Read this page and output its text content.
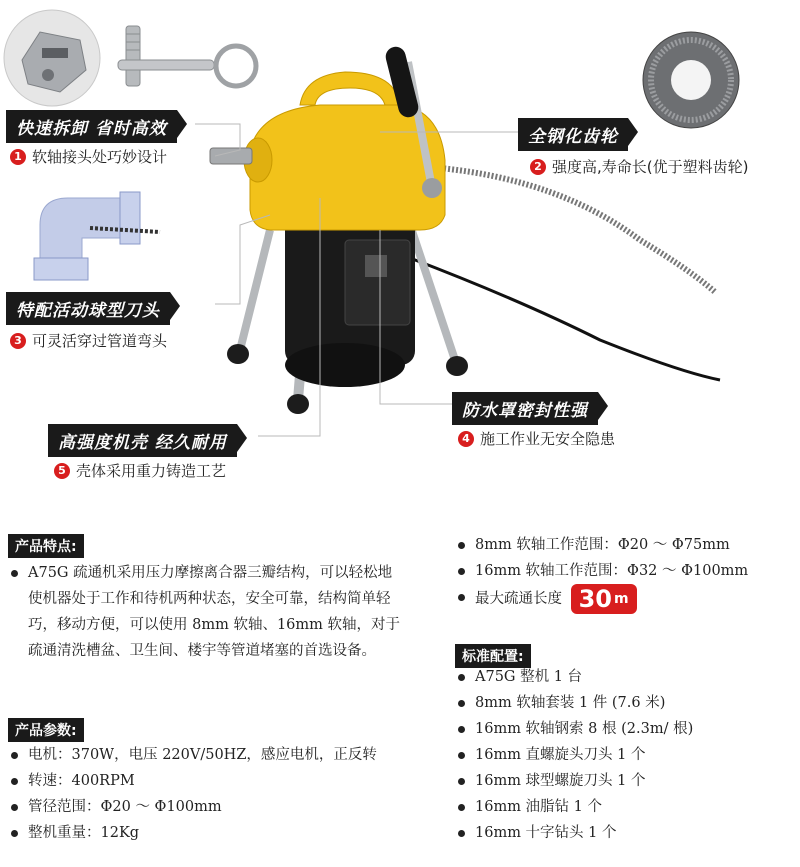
快速拆卸 省时高效
1 软轴接头处巧妙设计
全钢化齿轮
2 强度高,寿命长(优于塑料齿轮)
特配活动球型刀头
3 可灵活穿过管道弯头
防水罩密封性强
4 施工作业无安全隐患
高强度机壳 经久耐用
5 壳体采用重力铸造工艺
产品特点:
A75G 疏通机采用压力摩擦离合器三瓣结构，可以轻松地使机器处于工作和待机两种状态，安全可靠，结构简单轻巧，移动方便，可以使用 8mm 软轴、16mm 软轴，对于疏通清洗槽盆、卫生间、楼宇等管道堵塞的首选设备。
产品参数:
电机：370W，电压 220V/50HZ，感应电机，正反转
转速：400RPM
管径范围：Φ20 ～ Φ100mm
整机重量：12Kg
8mm 软轴工作范围：Φ20 ～ Φ75mm
16mm 软轴工作范围：Φ32 ～ Φ100mm
最大疏通长度 30 m
标准配置:
A75G 整机 1 台
8mm 软轴套装 1 件 (7.6 米)
16mm 软轴钢索 8 根 (2.3m/ 根)
16mm 直螺旋头刀头 1 个
16mm 球型螺旋刀头 1 个
16mm 油脂钻 1 个
16mm 十字钻头 1 个
